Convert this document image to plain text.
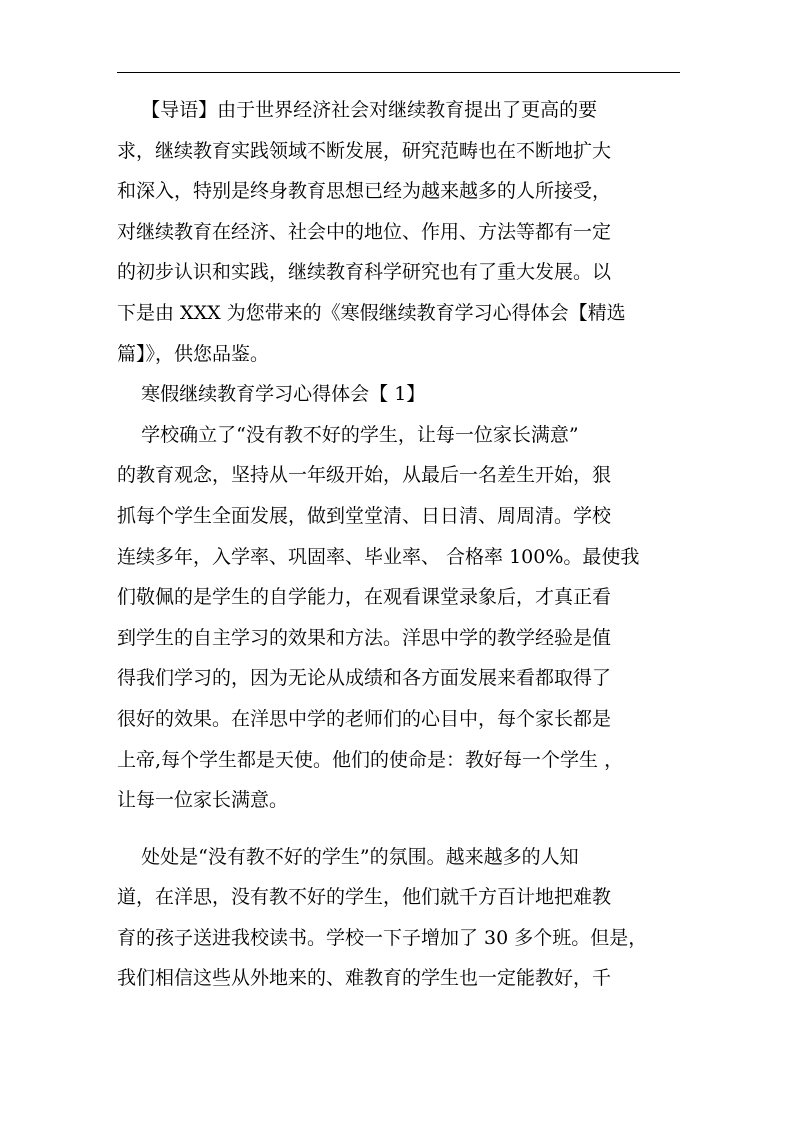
【导语】由于世界经济社会对继续教育提出了更高的要
求，继续教育实践领域不断发展，研究范畴也在不断地扩大
和深入，特别是终身教育思想已经为越来越多的人所接受，
对继续教育在经济、社会中的地位、作用、方法等都有一定
的初步认识和实践，继续教育科学研究也有了重大发展。以
下是由 XXX 为您带来的《寒假继续教育学习心得体会【精选
篇】》，供您品鉴。
寒假继续教育学习心得体会【 1】
学校确立了“没有教不好的学生，让每一位家长满意”
的教育观念，坚持从一年级开始，从最后一名差生开始，狠
抓每个学生全面发展，做到堂堂清、日日清、周周清。学校
连续多年，入学率、巩固率、毕业率、 合格率 100%。最使我
们敬佩的是学生的自学能力，在观看课堂录象后，才真正看
到学生的自主学习的效果和方法。洋思中学的教学经验是值
得我们学习的，因为无论从成绩和各方面发展来看都取得了
很好的效果。在洋思中学的老师们的心目中，每个家长都是
上帝,每个学生都是天使。他们的使命是：教好每一个学生 ，
让每一位家长满意。
处处是“没有教不好的学生”的氛围。越来越多的人知
道，在洋思，没有教不好的学生，他们就千方百计地把难教
育的孩子送进我校读书。学校一下子增加了 30 多个班。但是，
我们相信这些从外地来的、难教育的学生也一定能教好，千
